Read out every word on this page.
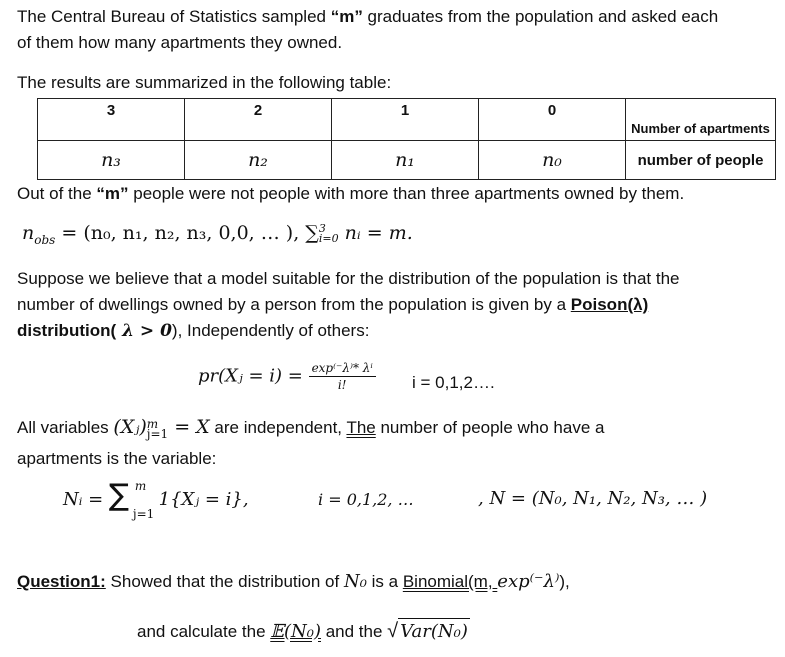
The Central Bureau of Statistics sampled “m” graduates from the population and asked each
of them how many apartments they owned.
The results are summarized in the following table:
3	2	1	0	Number of apartments
n₃	n₂	n₁	n₀	number of people
Out of the “m” people were not people with more than three apartments owned by them.
$n_{obs} = (n_0$, n₁, n₂, n₃, 0,0, … ), ∑ 3
i=0 nᵢ = m.
Suppose we believe that a model suitable for the distribution of the population is that the
number of dwellings owned by a person from the population is given by a Poison(λ)
distribution( λ > 0), Independently of others:
pr(Xⱼ = $i) = \frac{\text{exp⁽⁻λ⁾* λⁱ}}{i!}$ i = 0,1,2….
All variables (Xⱼ) m
j=1 = X are independent, The number of people who have a
apartments is the variable:
Nᵢ = ∑ m
j=1
1{Xⱼ = i},	i = 0,1,2, …	, N = (N₀, N₁, N₂, N₃, … )
Question1: Showed that the distribution of N₀ is a Binomial(m, exp⁽⁻λ⁾),
and calculate the 𝔼(N₀) and the √ Var(N₀)
